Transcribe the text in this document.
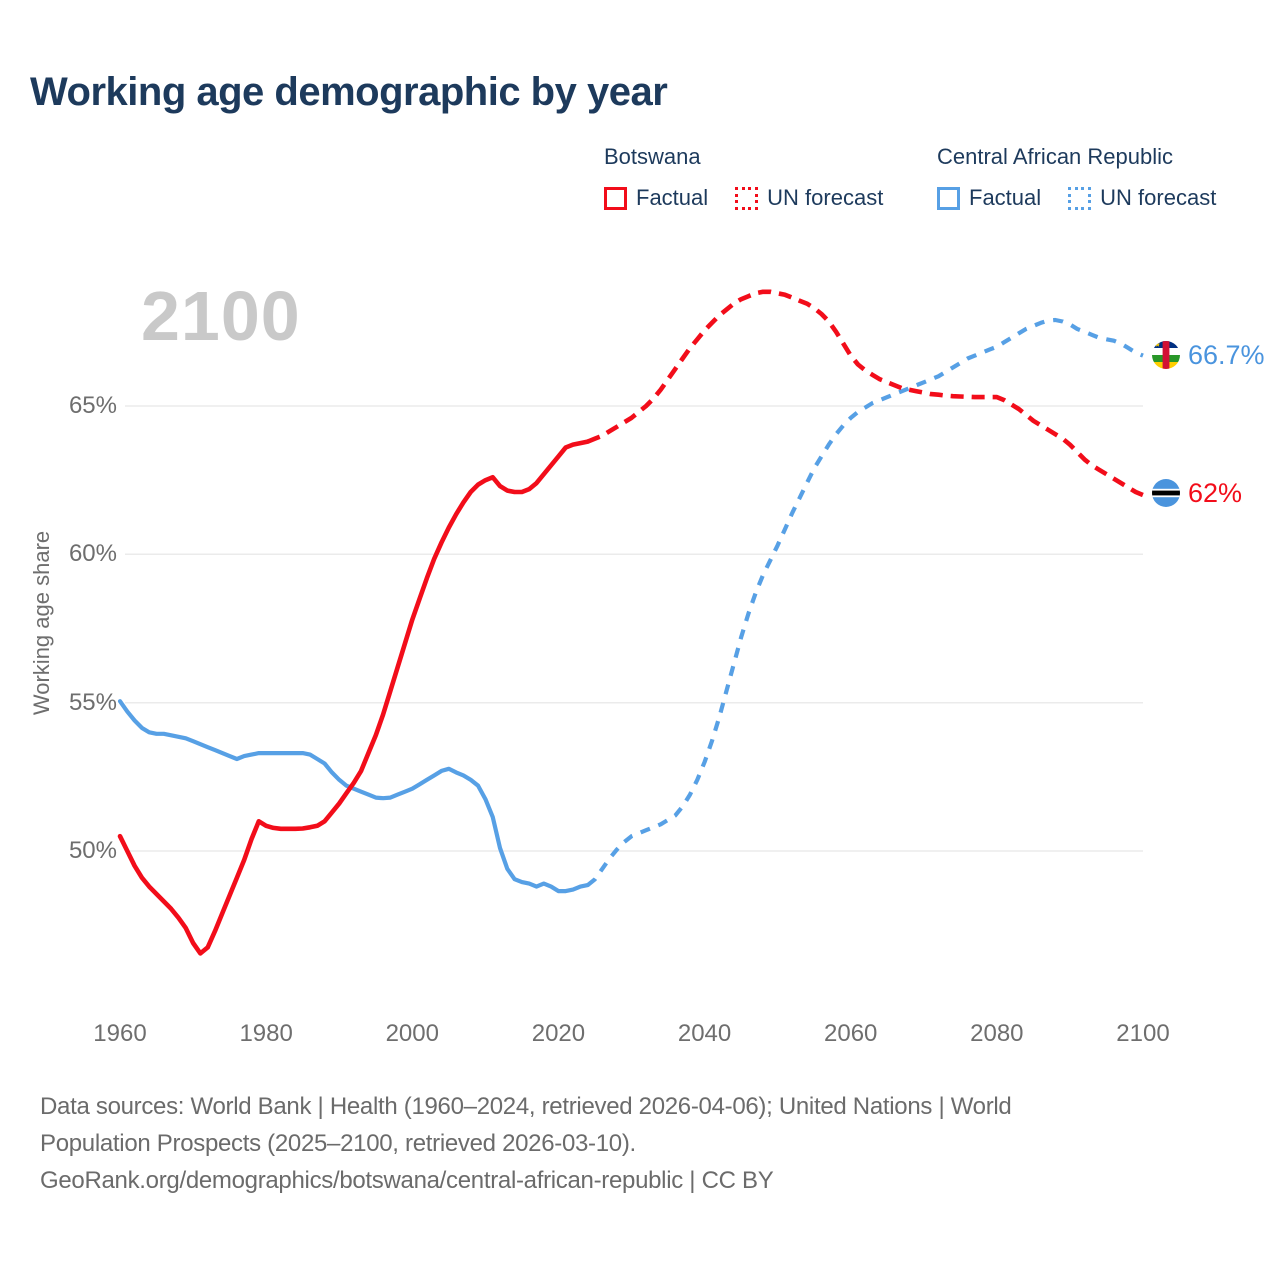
Working age demographic by year
Botswana
Factual	UN forecast
Central African Republic
Factual	UN forecast
2100
65%
60%
55%
50%
Working age share
1960	1980	2000	2020	2040	2060	2080	2100
66.7%
62%
Data sources: World Bank | Health (1960–2024, retrieved 2026-04-06); United Nations | World
Population Prospects (2025–2100, retrieved 2026-03-10).
GeoRank.org/demographics/botswana/central-african-republic | CC BY
